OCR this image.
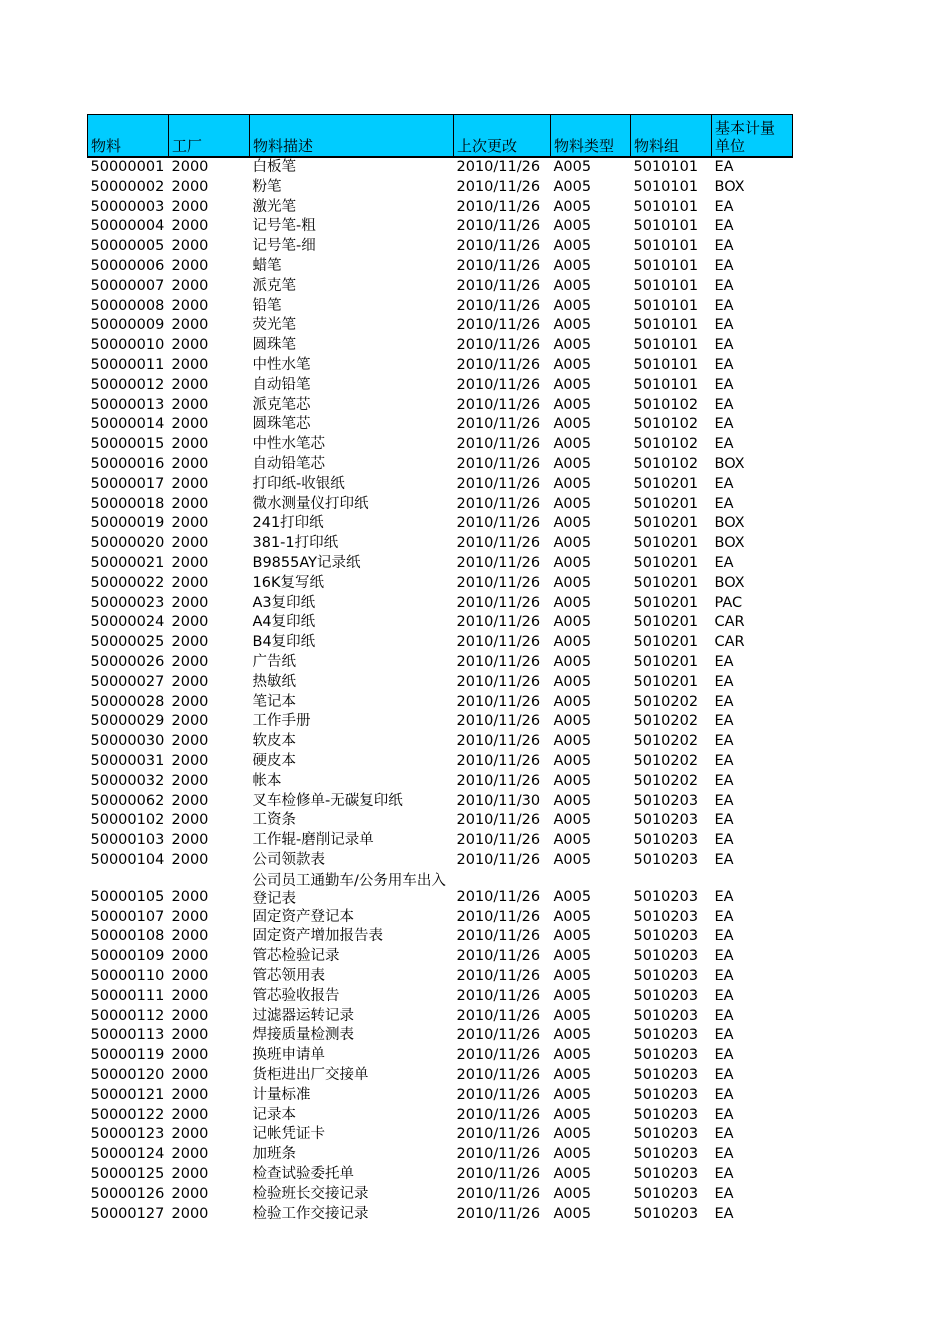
物料	工厂	物料描述	上次更改	物料类型	物料组	基本计量单位
50000001	2000	白板笔	2010/11/26	A005	5010101	EA
50000002	2000	粉笔	2010/11/26	A005	5010101	BOX
50000003	2000	激光笔	2010/11/26	A005	5010101	EA
50000004	2000	记号笔-粗	2010/11/26	A005	5010101	EA
50000005	2000	记号笔-细	2010/11/26	A005	5010101	EA
50000006	2000	蜡笔	2010/11/26	A005	5010101	EA
50000007	2000	派克笔	2010/11/26	A005	5010101	EA
50000008	2000	铅笔	2010/11/26	A005	5010101	EA
50000009	2000	荧光笔	2010/11/26	A005	5010101	EA
50000010	2000	圆珠笔	2010/11/26	A005	5010101	EA
50000011	2000	中性水笔	2010/11/26	A005	5010101	EA
50000012	2000	自动铅笔	2010/11/26	A005	5010101	EA
50000013	2000	派克笔芯	2010/11/26	A005	5010102	EA
50000014	2000	圆珠笔芯	2010/11/26	A005	5010102	EA
50000015	2000	中性水笔芯	2010/11/26	A005	5010102	EA
50000016	2000	自动铅笔芯	2010/11/26	A005	5010102	BOX
50000017	2000	打印纸-收银纸	2010/11/26	A005	5010201	EA
50000018	2000	微水测量仪打印纸	2010/11/26	A005	5010201	EA
50000019	2000	241打印纸	2010/11/26	A005	5010201	BOX
50000020	2000	381-1打印纸	2010/11/26	A005	5010201	BOX
50000021	2000	B9855AY记录纸	2010/11/26	A005	5010201	EA
50000022	2000	16K复写纸	2010/11/26	A005	5010201	BOX
50000023	2000	A3复印纸	2010/11/26	A005	5010201	PAC
50000024	2000	A4复印纸	2010/11/26	A005	5010201	CAR
50000025	2000	B4复印纸	2010/11/26	A005	5010201	CAR
50000026	2000	广告纸	2010/11/26	A005	5010201	EA
50000027	2000	热敏纸	2010/11/26	A005	5010201	EA
50000028	2000	笔记本	2010/11/26	A005	5010202	EA
50000029	2000	工作手册	2010/11/26	A005	5010202	EA
50000030	2000	软皮本	2010/11/26	A005	5010202	EA
50000031	2000	硬皮本	2010/11/26	A005	5010202	EA
50000032	2000	帐本	2010/11/26	A005	5010202	EA
50000062	2000	叉车检修单-无碳复印纸	2010/11/30	A005	5010203	EA
50000102	2000	工资条	2010/11/26	A005	5010203	EA
50000103	2000	工作辊-磨削记录单	2010/11/26	A005	5010203	EA
50000104	2000	公司领款表	2010/11/26	A005	5010203	EA
50000105	2000	公司员工通勤车/公务用车出入登记表	2010/11/26	A005	5010203	EA
50000107	2000	固定资产登记本	2010/11/26	A005	5010203	EA
50000108	2000	固定资产增加报告表	2010/11/26	A005	5010203	EA
50000109	2000	管芯检验记录	2010/11/26	A005	5010203	EA
50000110	2000	管芯领用表	2010/11/26	A005	5010203	EA
50000111	2000	管芯验收报告	2010/11/26	A005	5010203	EA
50000112	2000	过滤器运转记录	2010/11/26	A005	5010203	EA
50000113	2000	焊接质量检测表	2010/11/26	A005	5010203	EA
50000119	2000	换班申请单	2010/11/26	A005	5010203	EA
50000120	2000	货柜进出厂交接单	2010/11/26	A005	5010203	EA
50000121	2000	计量标准	2010/11/26	A005	5010203	EA
50000122	2000	记录本	2010/11/26	A005	5010203	EA
50000123	2000	记帐凭证卡	2010/11/26	A005	5010203	EA
50000124	2000	加班条	2010/11/26	A005	5010203	EA
50000125	2000	检查试验委托单	2010/11/26	A005	5010203	EA
50000126	2000	检验班长交接记录	2010/11/26	A005	5010203	EA
50000127	2000	检验工作交接记录	2010/11/26	A005	5010203	EA
